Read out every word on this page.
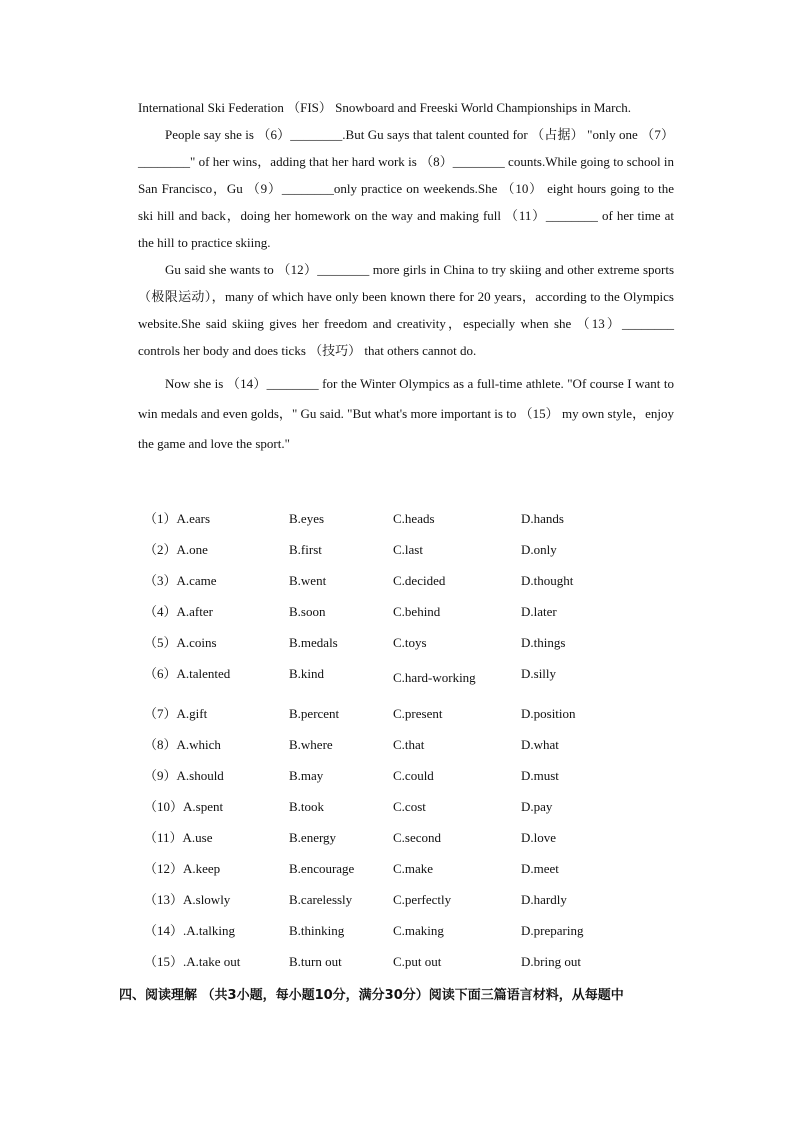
International Ski Federation （FIS） Snowboard and Freeski World Championships in March.

People say she is （6）________.But Gu says that talent counted for （占据） "only one （7）________" of her wins，adding that her hard work is （8）________ counts.While going to school in San Francisco，Gu （9）________only practice on weekends.She （10） eight hours going to the ski hill and back，doing her homework on the way and making full （11）________ of her time at the hill to practice skiing.

Gu said she wants to （12）________ more girls in China to try skiing and other extreme sports （极限运动），many of which have only been known there for 20 years，according to the Olympics website.She said skiing gives her freedom and creativity，especially when she （13）________ controls her body and does ticks （技巧） that others cannot do.

Now she is （14）________ for the Winter Olympics as a full-time athlete. "Of course I want to win medals and even golds，" Gu said. "But what's more important is to （15） my own style，enjoy the game and love the sport."

（1）A.ears	B.eyes	C.heads	D.hands
（2）A.one	B.first	C.last	D.only
（3）A.came	B.went	C.decided	D.thought
（4）A.after	B.soon	C.behind	D.later
（5）A.coins	B.medals	C.toys	D.things
（6）A.talented	B.kind	C.hard-working	D.silly
（7）A.gift	B.percent	C.present	D.position
（8）A.which	B.where	C.that	D.what
（9）A.should	B.may	C.could	D.must
（10）A.spent	B.took	C.cost	D.pay
（11）A.use	B.energy	C.second	D.love
（12）A.keep	B.encourage	C.make	D.meet
（13）A.slowly	B.carelessly	C.perfectly	D.hardly
（14）.A.talking	B.thinking	C.making	D.preparing
（15）.A.take out	B.turn out	C.put out	D.bring out
四、阅读理解 （共3小题，每小题10分，满分30分）阅读下面三篇语言材料，从每题中
